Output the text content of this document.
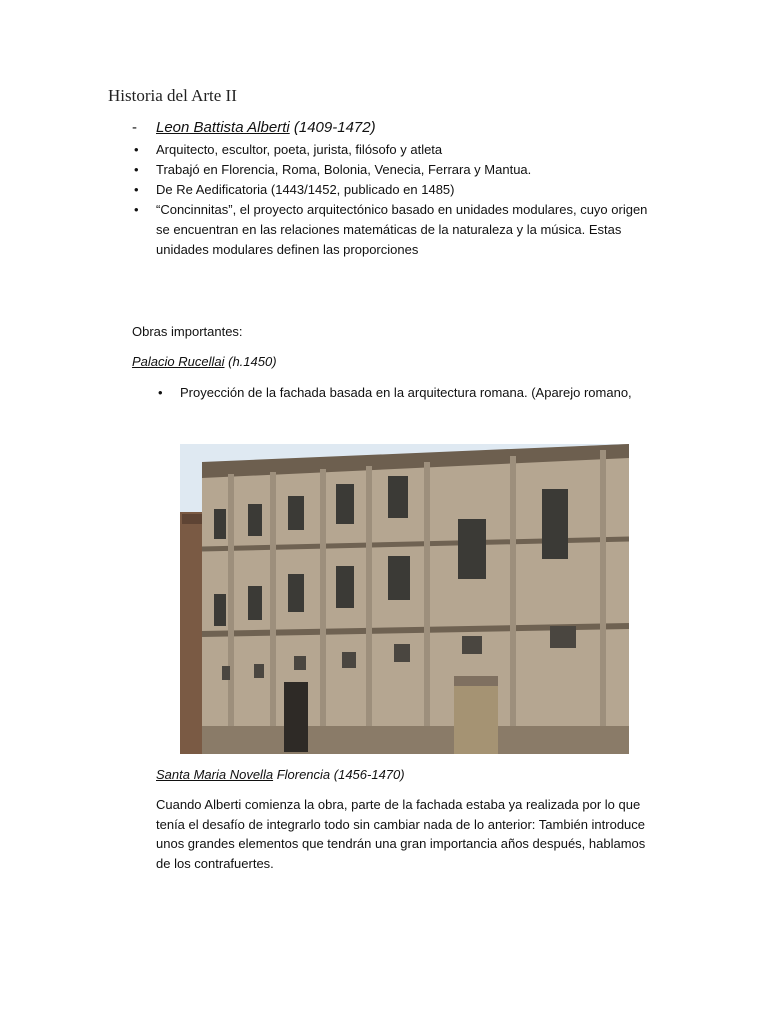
Historia del Arte II
- Leon Battista Alberti (1409-1472)
• Arquitecto, escultor, poeta, jurista, filósofo y atleta
• Trabajó en Florencia, Roma, Bolonia, Venecia, Ferrara y Mantua.
• De Re Aedificatoria (1443/1452, publicado en 1485)
• “Concinnitas”, el proyecto arquitectónico basado en unidades modulares, cuyo origen se encuentran en las relaciones matemáticas de la naturaleza y la música. Estas unidades modulares definen las proporciones
Obras importantes:
Palacio Rucellai (h.1450)
• Proyección de la fachada basada en la arquitectura romana. (Aparejo romano,
Santa Maria Novella Florencia (1456-1470)
Cuando Alberti comienza la obra, parte de la fachada estaba ya realizada por lo que tenía el desafío de integrarlo todo sin cambiar nada de lo anterior: También introduce unos grandes elementos que tendrán una gran importancia años después, hablamos de los contrafuertes.
